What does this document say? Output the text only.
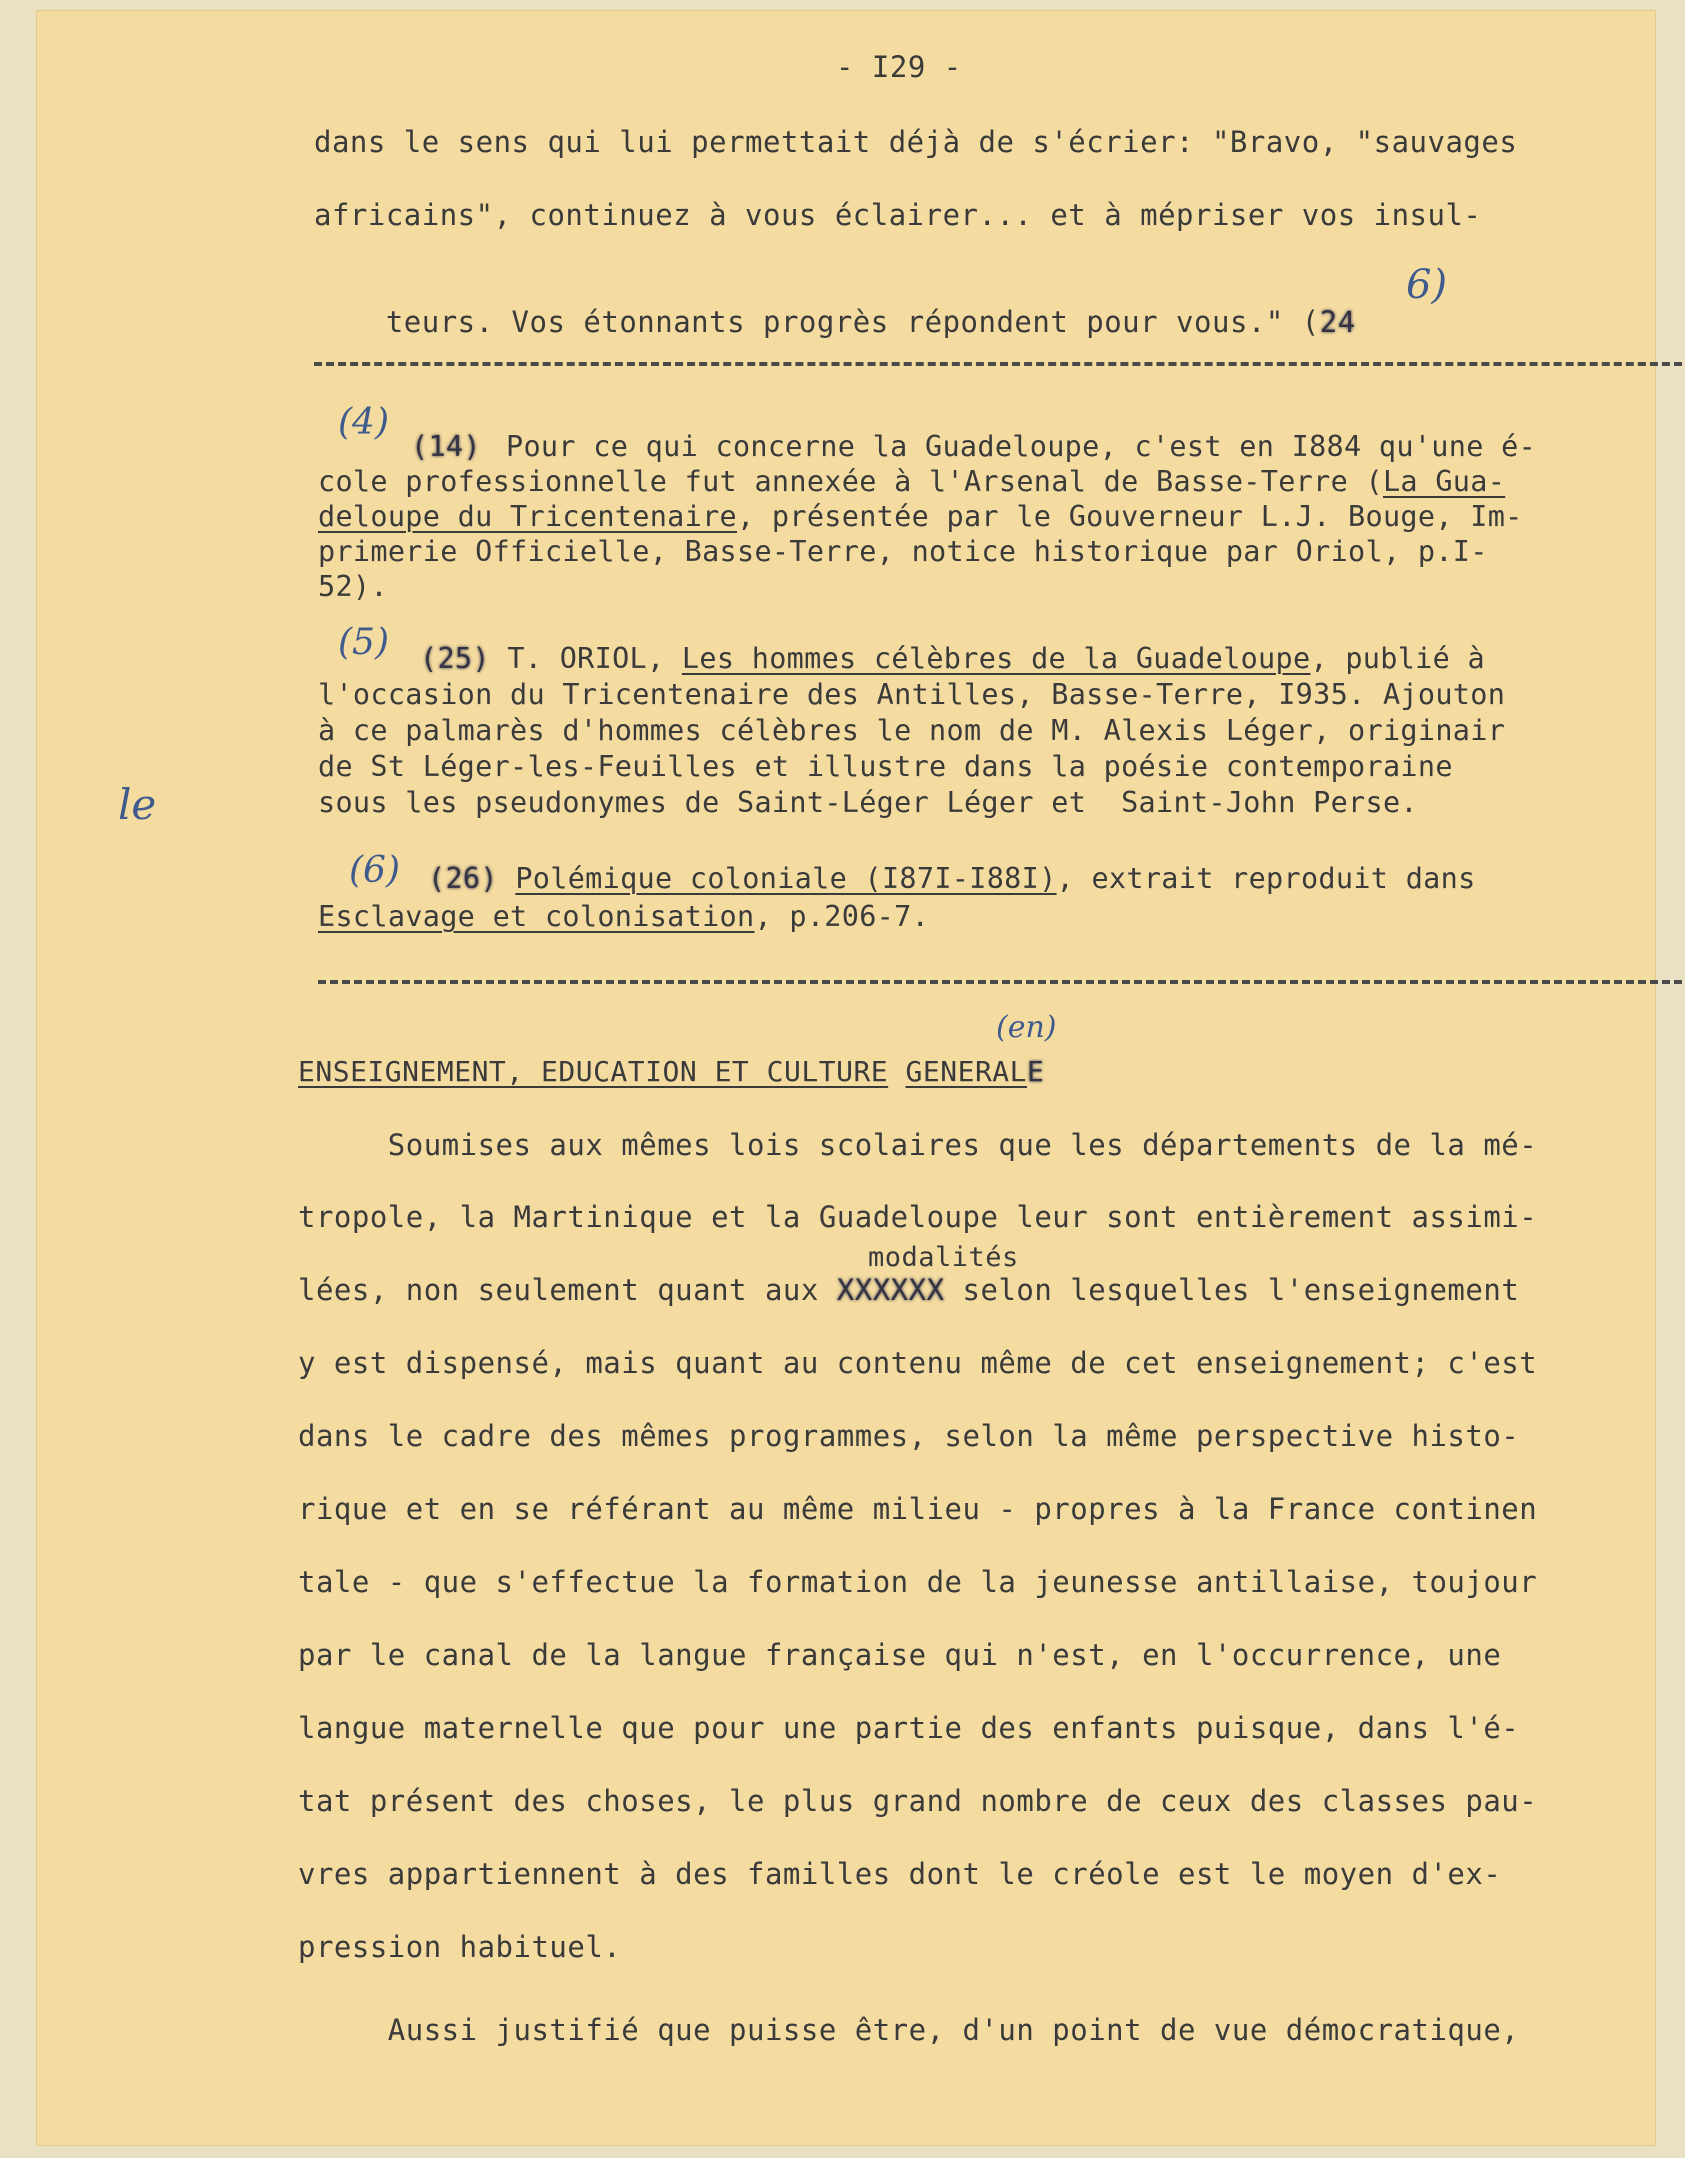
- I29 -
dans le sens qui lui permettait déjà de s'écrier: "Bravo, "sauvages
africains", continuez à vous éclairer... et à mépriser vos insul-

teurs. Vos étonnants progrès répondent pour vous." (24

6)
(4)
(14) Pour ce qui concerne la Guadeloupe, c'est en I884 qu'une é-
cole professionnelle fut annexée à l'Arsenal de Basse-Terre (La Gua-
deloupe du Tricentenaire, présentée par le Gouverneur L.J. Bouge, Im-
primerie Officielle, Basse-Terre, notice historique par Oriol, p.I-
52).
(5) (25) T. ORIOL, Les hommes célèbres de la Guadeloupe, publié à
l'occasion du Tricentenaire des Antilles, Basse-Terre, I935. Ajouton
à ce palmarès d'hommes célèbres le nom de M. Alexis Léger, originair
de St Léger-les-Feuilles et illustre dans la poésie contemporaine
sous les pseudonymes de Saint-Léger Léger et  Saint-John Perse.
le
(6) (26) Polémique coloniale (I87I-I88I), extrait reproduit dans
Esclavage et colonisation, p.206-7.
(en)
ENSEIGNEMENT, EDUCATION ET CULTURE GENERALE
Soumises aux mêmes lois scolaires que les départements de la mé-
tropole, la Martinique et la Guadeloupe leur sont entièrement assimi-
modalités
lées, non seulement quant aux XXXXXX selon lesquelles l'enseignement
y est dispensé, mais quant au contenu même de cet enseignement; c'est
dans le cadre des mêmes programmes, selon la même perspective histo-
rique et en se référant au même milieu - propres à la France continen
tale - que s'effectue la formation de la jeunesse antillaise, toujour
par le canal de la langue française qui n'est, en l'occurrence, une
langue maternelle que pour une partie des enfants puisque, dans l'é-
tat présent des choses, le plus grand nombre de ceux des classes pau-
vres appartiennent à des familles dont le créole est le moyen d'ex-
pression habituel.
Aussi justifié que puisse être, d'un point de vue démocratique,
